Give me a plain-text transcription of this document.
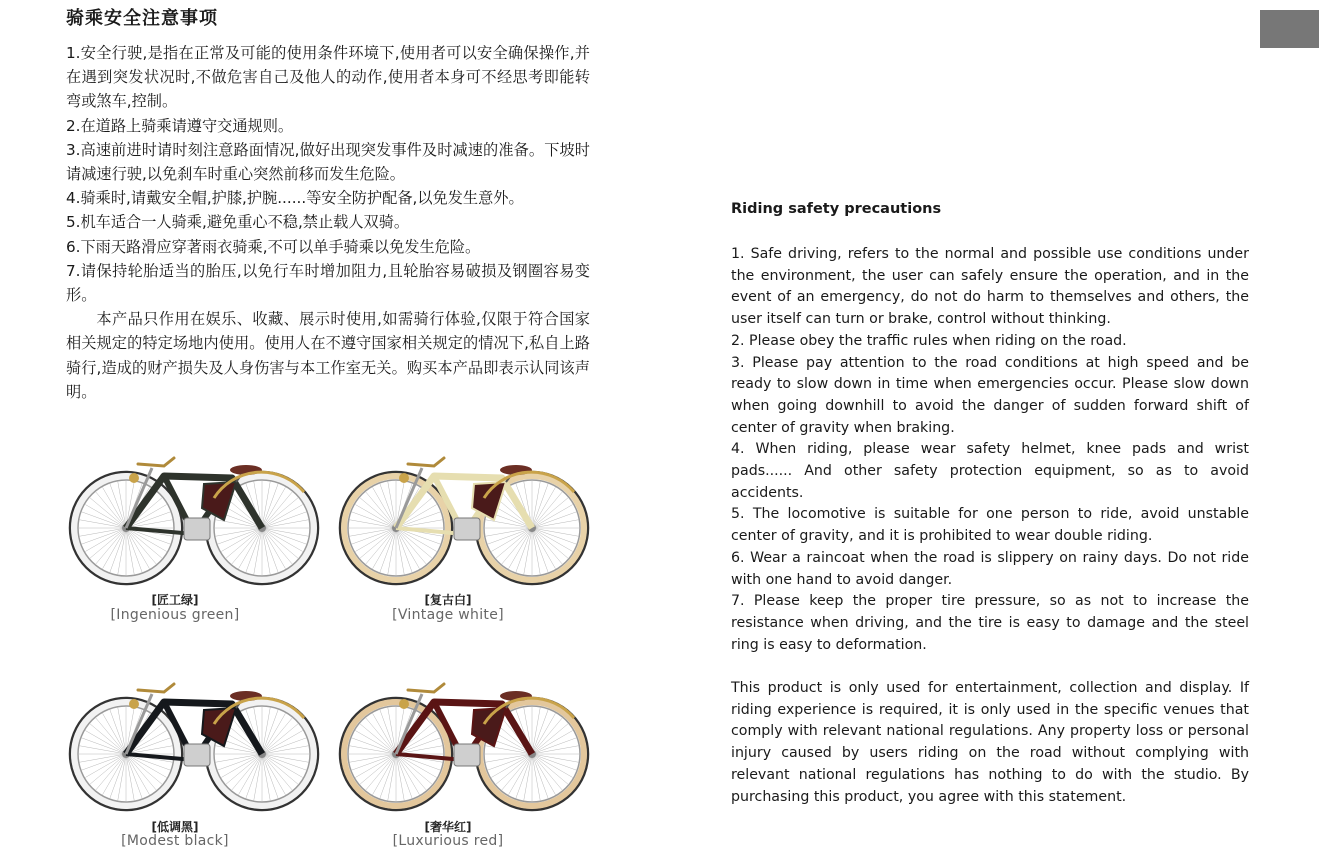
骑乘安全注意事项

1.安全行驶,是指在正常及可能的使用条件环境下,使用者可以安全确保操作,并在遇到突发状况时,不做危害自己及他人的动作,使用者本身可不经思考即能转弯或煞车,控制。

2.在道路上骑乘请遵守交通规则。

3.高速前进时请时刻注意路面情况,做好出现突发事件及时减速的准备。下坡时请减速行驶,以免刹车时重心突然前移而发生危险。

4.骑乘时,请戴安全帽,护膝,护腕......等安全防护配备,以免发生意外。

5.机车适合一人骑乘,避免重心不稳,禁止载人双骑。

6.下雨天路滑应穿著雨衣骑乘,不可以单手骑乘以免发生危险。

7.请保持轮胎适当的胎压,以免行车时增加阻力,且轮胎容易破损及钢圈容易变形。

本产品只作用在娱乐、收藏、展示时使用,如需骑行体验,仅限于符合国家相关规定的特定场地内使用。使用人在不遵守国家相关规定的情况下,私自上路骑行,造成的财产损失及人身伤害与本工作室无关。购买本产品即表示认同该声明。

Riding safety precautions

1. Safe driving, refers to the normal and possible use conditions under the environment, the user can safely ensure the operation, and in the event of an emergency, do not do harm to themselves and others, the user itself can turn or brake, control without thinking.

2. Please obey the traffic rules when riding on the road.

3. Please pay attention to the road conditions at high speed and be ready to slow down in time when emergencies occur. Please slow down when going downhill to avoid the danger of sudden forward shift of center of gravity when braking.

4. When riding, please wear safety helmet, knee pads and wrist pads...... And other safety protection equipment, so as to avoid accidents.

5. The locomotive is suitable for one person to ride, avoid unstable center of gravity, and it is prohibited to wear double riding.

6. Wear a raincoat when the road is slippery on rainy days. Do not ride with one hand to avoid danger.

7. Please keep the proper tire pressure, so as not to increase the resistance when driving, and the tire is easy to damage and the steel ring is easy to deformation.

This product is only used for entertainment, collection and display. If riding experience is required, it is only used in the specific venues that comply with relevant national regulations. Any property loss or personal injury caused by users riding on the road without complying with relevant national regulations has nothing to do with the studio. By purchasing this product, you agree with this statement.

[匠工绿]
[Ingenious green]
[复古白]
[Vintage white]
[低调黑]
[Modest black]
[奢华红]
[Luxurious red]
